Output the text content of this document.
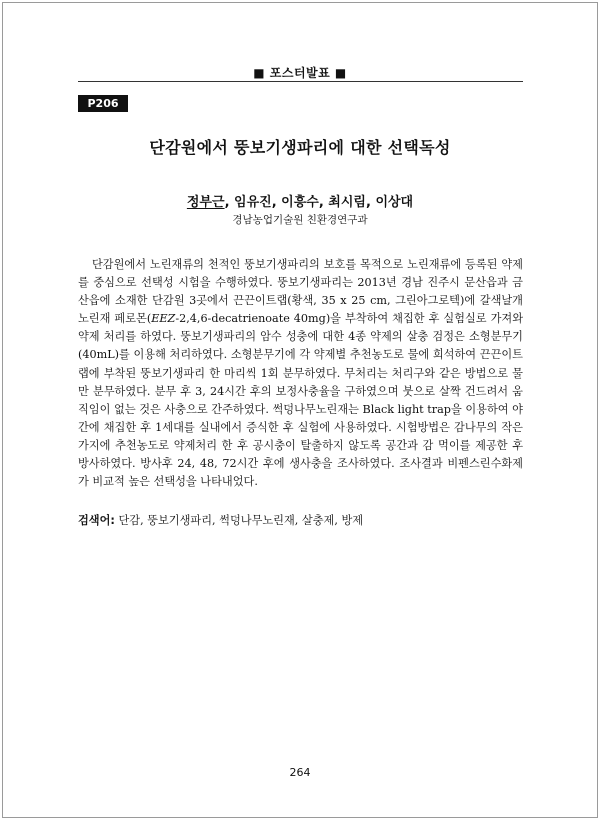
■ 포스터발표 ■
P206
단감원에서 뚱보기생파리에 대한 선택독성
정부근, 임유진, 이흥수, 최시림, 이상대
경남농업기술원 친환경연구과

단감원에서 노린재류의 천적인 뚱보기생파리의 보호를 목적으로 노린재류에 등록된 약제를 중심으로 선택성 시험을 수행하였다. 뚱보기생파리는 2013년 경남 진주시 문산읍과 금산읍에 소재한 단감원 3곳에서 끈끈이트랩(황색, 35 x 25 cm, 그린아그로텍)에 갈색날개노린재 페로몬(EEZ-2,4,6-decatrienoate 40mg)을 부착하여 채집한 후 실험실로 가져와 약제 처리를 하였다. 뚱보기생파리의 암수 성충에 대한 4종 약제의 살충 검정은 소형분무기(40mL)를 이용해 처리하였다. 소형분무기에 각 약제별 추천농도로 물에 희석하여 끈끈이트랩에 부착된 뚱보기생파리 한 마리씩 1회 분무하였다. 무처리는 처리구와 같은 방법으로 물만 분무하였다. 분무 후 3, 24시간 후의 보정사충율을 구하였으며 붓으로 살짝 건드려서 움직임이 없는 것은 사충으로 간주하였다. 썩덩나무노린재는 Black light trap을 이용하여 야간에 채집한 후 1세대를 실내에서 증식한 후 실험에 사용하였다. 시험방법은 감나무의 작은 가지에 추천농도로 약제처리 한 후 공시충이 탈출하지 않도록 공간과 감 먹이를 제공한 후 방사하였다. 방사후 24, 48, 72시간 후에 생사충을 조사하였다. 조사결과 비펜스린수화제가 비교적 높은 선택성을 나타내었다.

검색어: 단감, 뚱보기생파리, 썩덩나무노린재, 살충제, 방제
264
